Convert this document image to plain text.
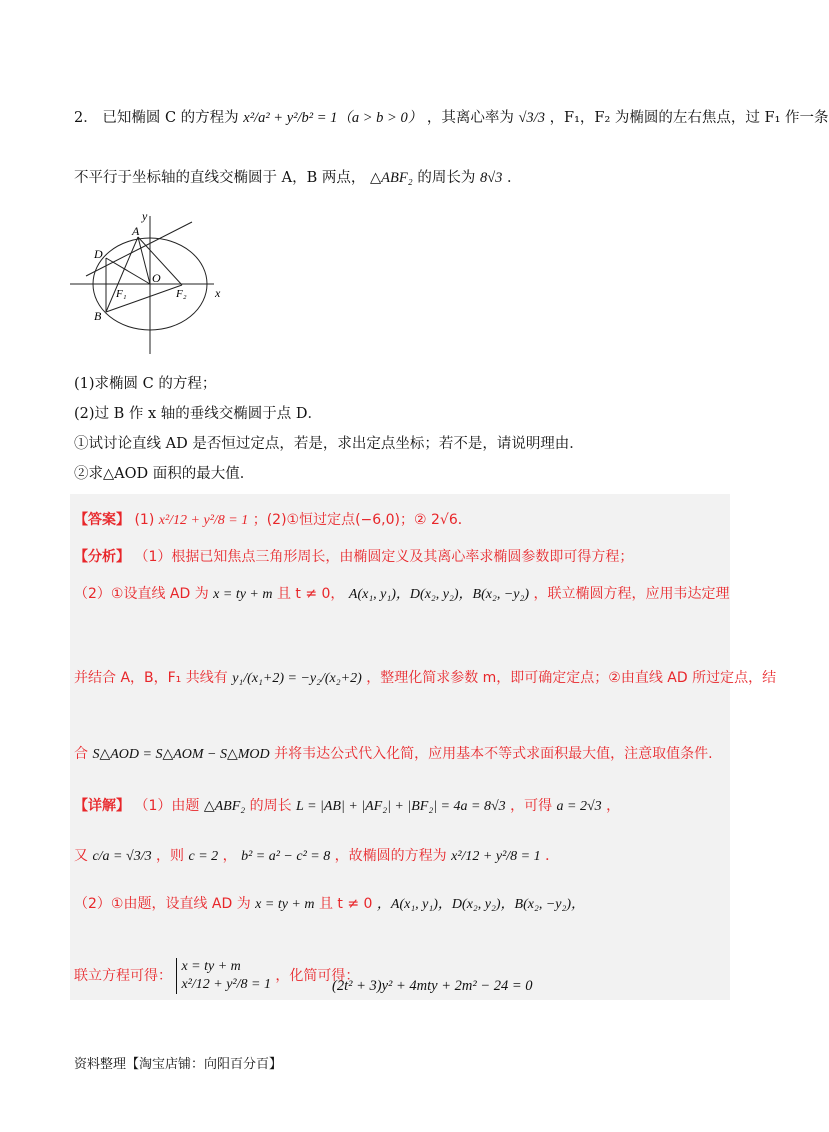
2． 已知椭圆 C 的方程为 x²/a² + y²/b² = 1（a > b > 0） ，其离心率为 √3/3 ，F₁，F₂ 为椭圆的左右焦点，过 F₁ 作一条
不平行于坐标轴的直线交椭圆于 A，B 两点， △ABF₂ 的周长为 8√3 ．
y
x
A
D
O
F₁	F₂
B
(1)求椭圆 C 的方程；
(2)过 B 作 x 轴的垂线交椭圆于点 D．
①试讨论直线 AD 是否恒过定点，若是，求出定点坐标；若不是，请说明理由．
②求△AOD 面积的最大值．
【答案】 (1) x²/12 + y²/8 = 1 ；(2)①恒过定点(−6,0)；② 2√6．
【分析】 （1）根据已知焦点三角形周长，由椭圆定义及其离心率求椭圆参数即可得方程；
（2）①设直线 AD 为 x = ty + m 且 t ≠ 0， A(x₁, y₁)，D(x₂, y₂)，B(x₂, −y₂) ，联立椭圆方程，应用韦达定理
并结合 A，B，F₁ 共线有 y₁/(x₁+2) = −y₂/(x₂+2) ，整理化简求参数 m，即可确定定点；②由直线 AD 所过定点，结
合 S△AOD = S△AOM − S△MOD 并将韦达公式代入化简，应用基本不等式求面积最大值，注意取值条件.
【详解】 （1）由题 △ABF₂ 的周长 L = |AB| + |AF₂| + |BF₂| = 4a = 8√3 ，可得 a = 2√3 ，
又 c/a = √3/3 ，则 c = 2 ， b² = a² − c² = 8 ，故椭圆的方程为 x²/12 + y²/8 = 1 ．
（2）①由题，设直线 AD 为 x = ty + m 且 t ≠ 0 ，A(x₁, y₁)，D(x₂, y₂)，B(x₂, −y₂)，
联立方程可得：
x = ty + m
x²/12 + y²/8 = 1
，化简可得：
(2t² + 3)y² + 4mty + 2m² − 24 = 0
资料整理【淘宝店铺：向阳百分百】
